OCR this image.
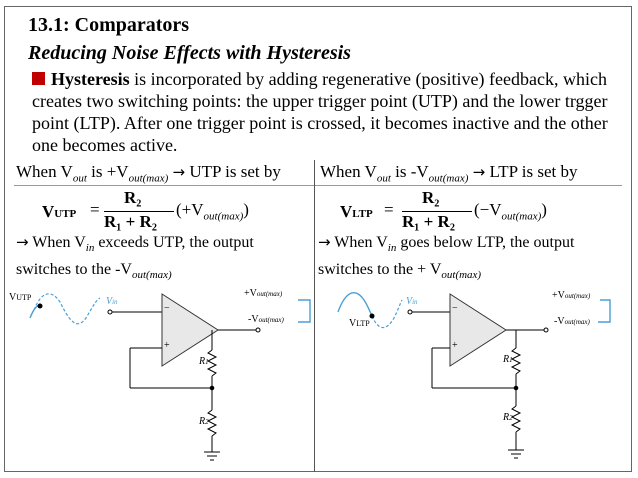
13.1: Comparators
Reducing Noise Effects with Hysteresis
Hysteresis is incorporated by adding regenerative (positive) feedback, which creates two switching points: the upper trigger point (UTP) and the lower trgger point (LTP). After one trigger point is crossed, it becomes inactive and the other one becomes active.
When $V_{out}$ is $+V_{out(max)}$ → UTP is set by
VUTP =
R₂
R₁ + R₂
$(+V_{out(max)})$
→ When $V_{in}$ exceeds UTP, the output
switches to the $-V_{out(max)}$
When $V_{out}$ is $-V_{out(max)}$ → LTP is set by
VLTP =
R₂
R₁ + R₂
$(-V_{out(max)})$
→ When $V_{in}$ goes below LTP, the output
switches to the + $V_{out(max)}$
VUTP	Vin
+Vout(max)
-Vout(max)
R1
R2
−
+
VLTP
Vin
+Vout(max)
-Vout(max)
R1
R2
−
+
